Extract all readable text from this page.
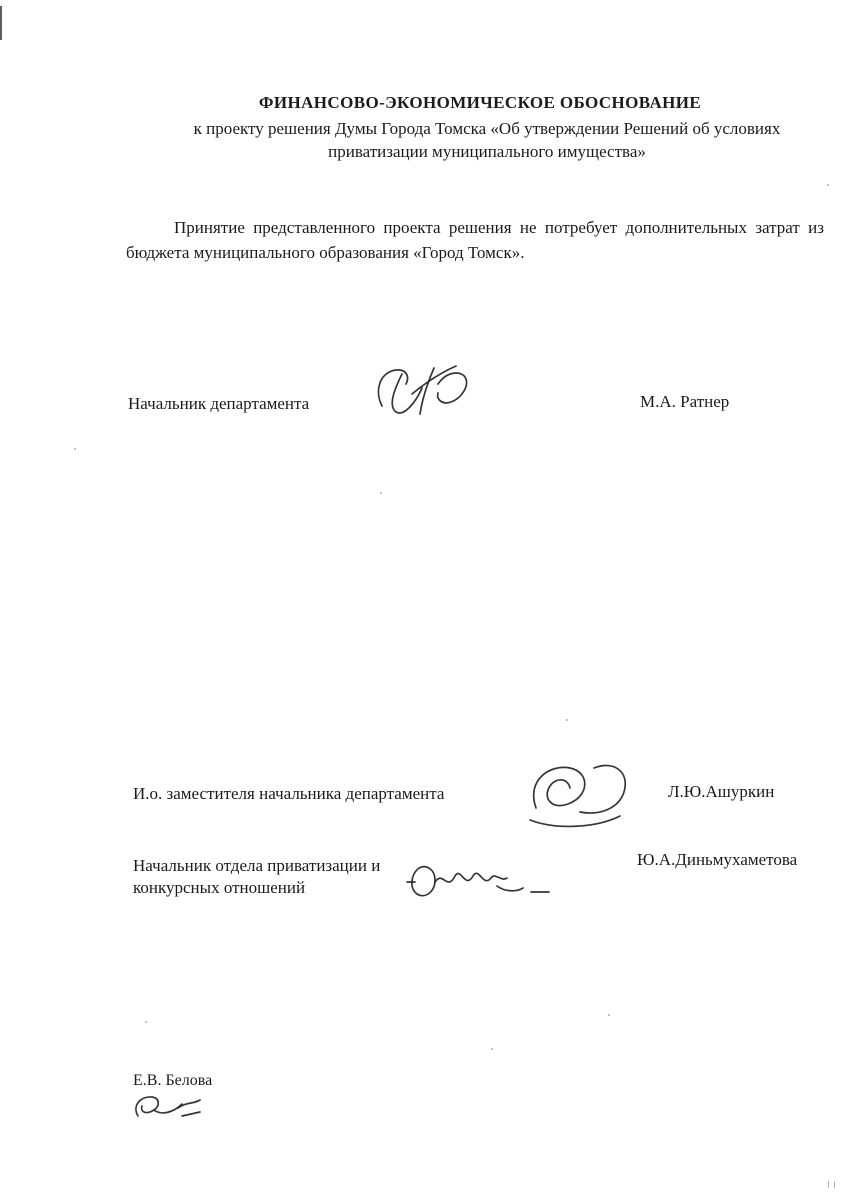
ФИНАНСОВО-ЭКОНОМИЧЕСКОЕ ОБОСНОВАНИЕ
к проекту решения Думы Города Томска «Об утверждении Решений об условиях приватизации муниципального имущества»
Принятие представленного проекта решения не потребует дополнительных затрат из бюджета муниципального образования «Город Томск».
Начальник департамента	М.А. Ратнер
И.о. заместителя начальника департамента	Л.Ю.Ашуркин
Начальник отдела приватизации и конкурсных отношений
Ю.А.Диньмухаметова
Е.В. Белова
